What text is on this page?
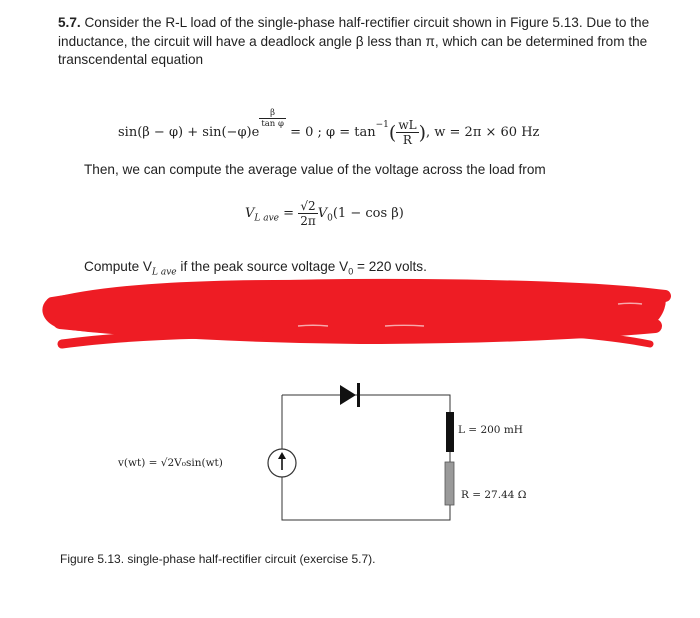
5.7. Consider the R-L load of the single-phase half-rectifier circuit shown in Figure 5.13. Due to the inductance, the circuit will have a deadlock angle β less than π, which can be determined from the transcendental equation
sin(β − φ) + sin(−φ)e
$\frac{\beta}{\text{tan φ}}$
= 0 ; $\varphi = \tan^{-1}( \frac{wL}{R}$ ), w = 2π × 60 Hz
Then, we can compute the average value of the voltage across the load from
$V_{L ave} = \frac{√2}{2\pi} V_0(1 - \cos \beta)$
Compute $V_{L ave}$ if the peak source voltage $V_0 = 220$ volts.
v(wt) = √2V₀sin(wt)
L = 200 mH
R = 27.44 Ω
Figure 5.13. single-phase half-rectifier circuit (exercise 5.7).
